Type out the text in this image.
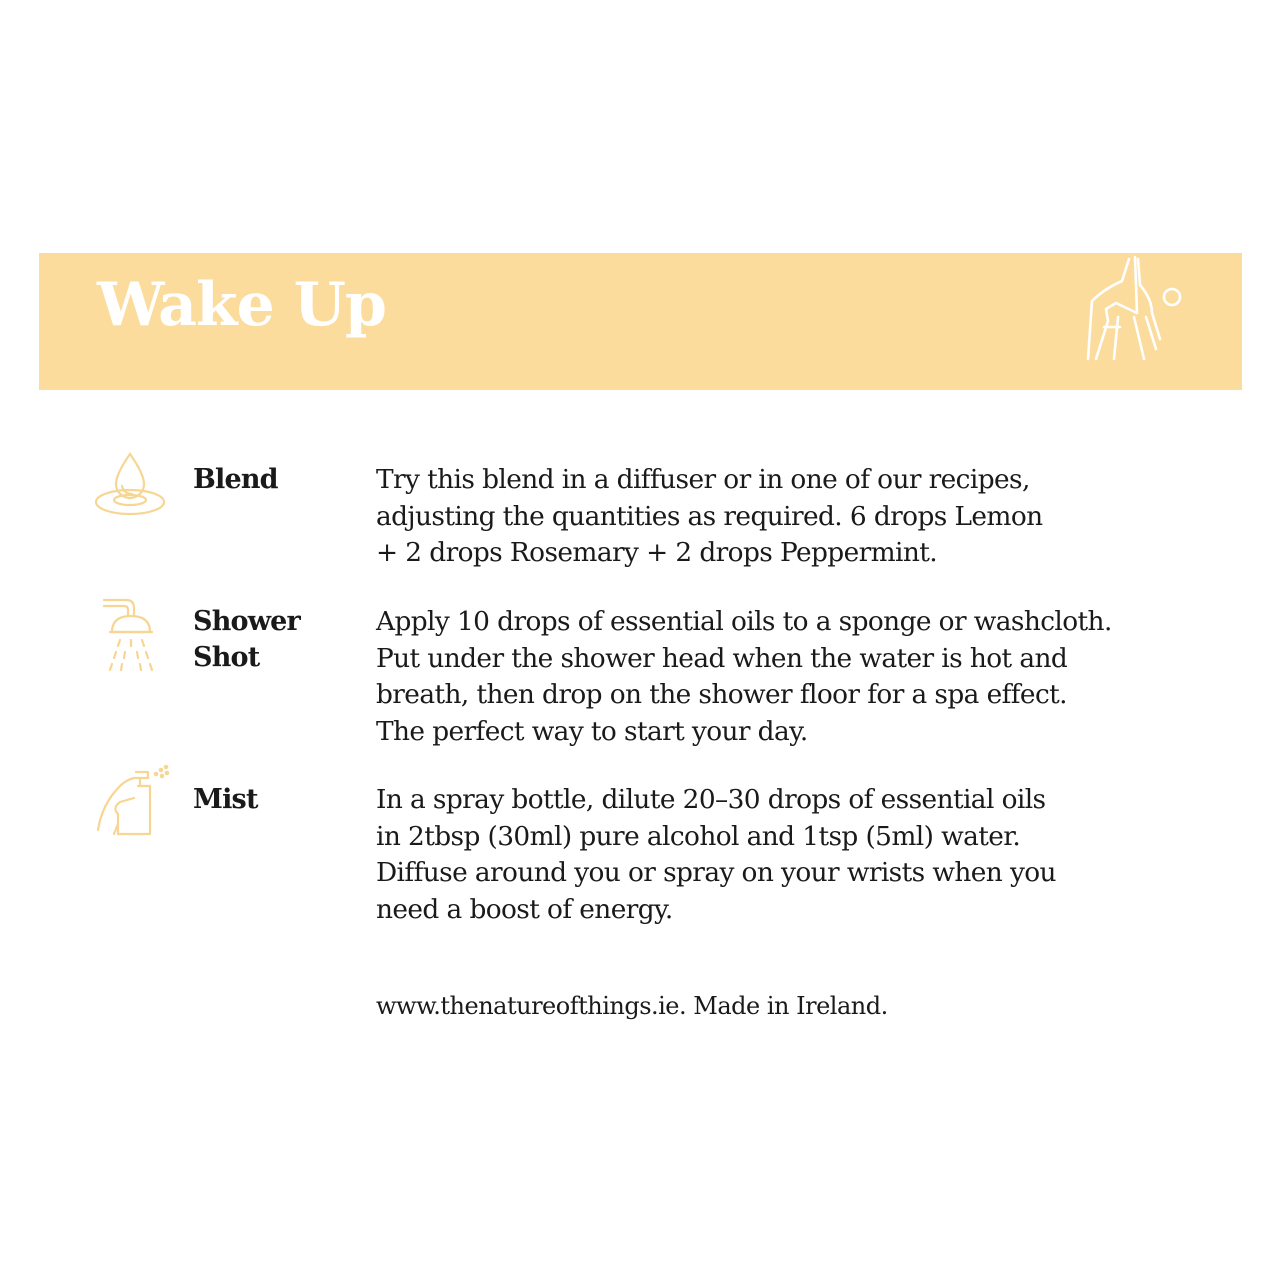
Wake Up
Blend	Try this blend in a diffuser or in one of our recipes,
adjusting the quantities as required. 6 drops Lemon
+ 2 drops Rosemary + 2 drops Peppermint.
Shower
Shot
Apply 10 drops of essential oils to a sponge or washcloth.
Put under the shower head when the water is hot and
breath, then drop on the shower floor for a spa effect.
The perfect way to start your day.
Mist	In a spray bottle, dilute 20–30 drops of essential oils
in 2tbsp (30ml) pure alcohol and 1tsp (5ml) water.
Diffuse around you or spray on your wrists when you
need a boost of energy.
www.thenatureofthings.ie. Made in Ireland.
